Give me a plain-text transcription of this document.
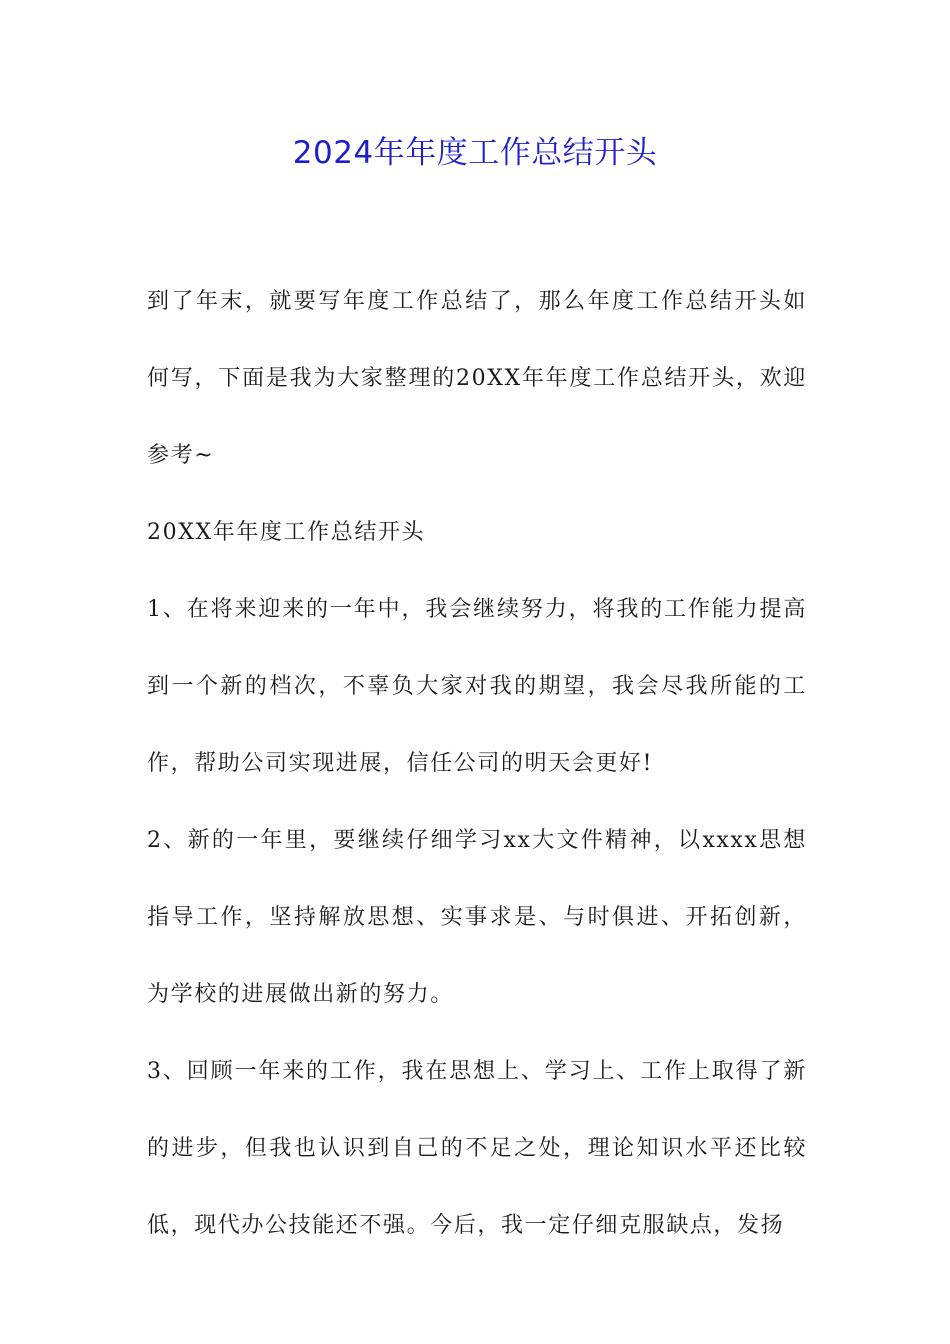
2024年年度工作总结开头

到了年末，就要写年度工作总结了，那么年度工作总结开头如何写，下面是我为大家整理的20XX年年度工作总结开头，欢迎参考~

20XX年年度工作总结开头

1、在将来迎来的一年中，我会继续努力，将我的工作能力提高到一个新的档次，不辜负大家对我的期望，我会尽我所能的工作，帮助公司实现进展，信任公司的明天会更好!

2、新的一年里，要继续仔细学习xx大文件精神，以xxxx思想指导工作，坚持解放思想、实事求是、与时俱进、开拓创新，为学校的进展做出新的努力。

3、回顾一年来的工作，我在思想上、学习上、工作上取得了新的进步，但我也认识到自己的不足之处，理论知识水平还比较低，现代办公技能还不强。今后，我一定仔细克服缺点，发扬
